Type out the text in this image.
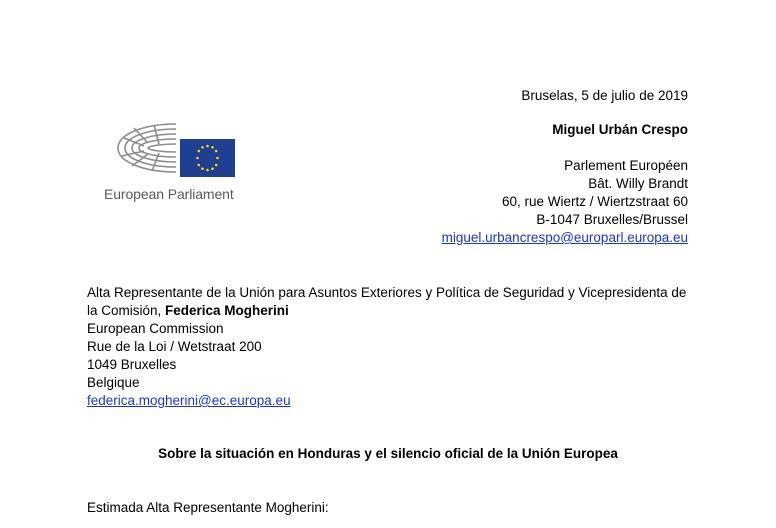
European Parliament
Bruselas, 5 de julio de 2019
Miguel Urbán Crespo
Parlement Européen
Bât. Willy Brandt
60, rue Wiertz / Wiertzstraat 60
B-1047 Bruxelles/Brussel
miguel.urbancrespo@europarl.europa.eu
Alta Representante de la Unión para Asuntos Exteriores y Política de Seguridad y Vicepresidenta de
la Comisión, Federica Mogherini
European Commission
Rue de la Loi / Wetstraat 200
1049 Bruxelles
Belgique
federica.mogherini@ec.europa.eu
Sobre la situación en Honduras y el silencio oficial de la Unión Europea
Estimada Alta Representante Mogherini:
